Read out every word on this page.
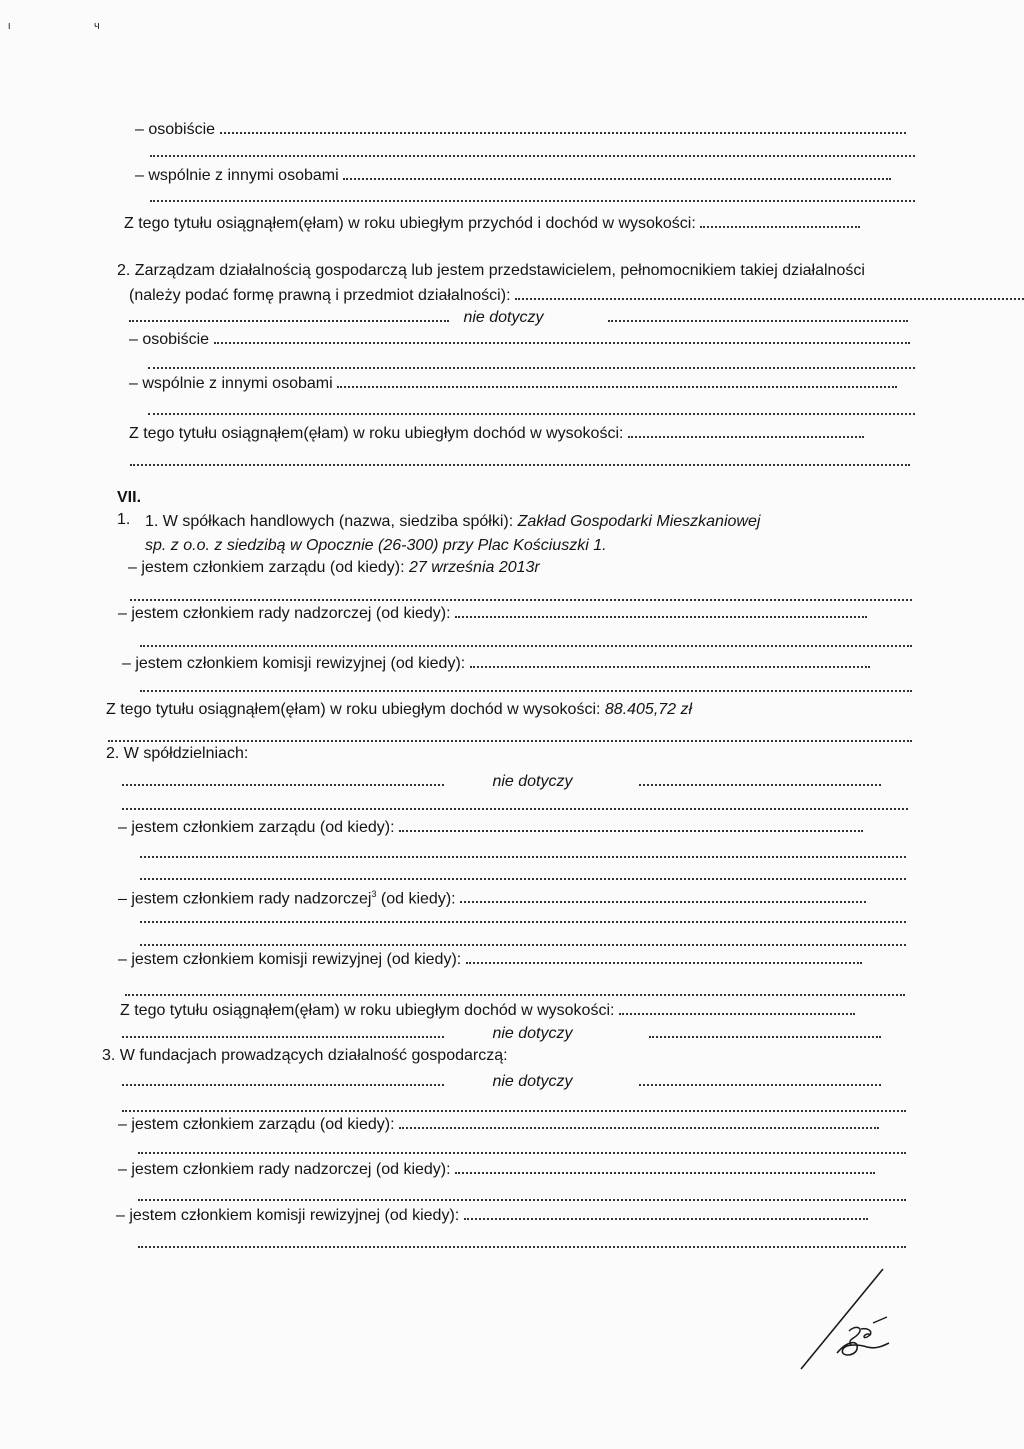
ι	ч
– osobiście
– wspólnie z innymi osobami
Z tego tytułu osiągnąłem(ęłam) w roku ubiegłym przychód i dochód w wysokości:
2. Zarządzam działalnością gospodarczą lub jestem przedstawicielem, pełnomocnikiem takiej działalności
(należy podać formę prawną i przedmiot działalności):
nie dotyczy
– osobiście
– wspólnie z innymi osobami
Z tego tytułu osiągnąłem(ęłam) w roku ubiegłym dochód w wysokości:
VII.
1. 1. W spółkach handlowych (nazwa, siedziba spółki): Zakład Gospodarki Mieszkaniowej
sp. z o.o. z siedzibą w Opocznie (26-300) przy Plac Kościuszki 1.
– jestem członkiem zarządu (od kiedy): 27 września 2013r
– jestem członkiem rady nadzorczej (od kiedy):
– jestem członkiem komisji rewizyjnej (od kiedy):
Z tego tytułu osiągnąłem(ęłam) w roku ubiegłym dochód w wysokości: 88.405,72 zł
2. W spółdzielniach:
nie dotyczy
– jestem członkiem zarządu (od kiedy):
– jestem członkiem rady nadzorczej$^3$ (od kiedy):
– jestem członkiem komisji rewizyjnej (od kiedy):
Z tego tytułu osiągnąłem(ęłam) w roku ubiegłym dochód w wysokości:
nie dotyczy
3. W fundacjach prowadzących działalność gospodarczą:
nie dotyczy
– jestem członkiem zarządu (od kiedy):
– jestem członkiem rady nadzorczej (od kiedy):
– jestem członkiem komisji rewizyjnej (od kiedy):
